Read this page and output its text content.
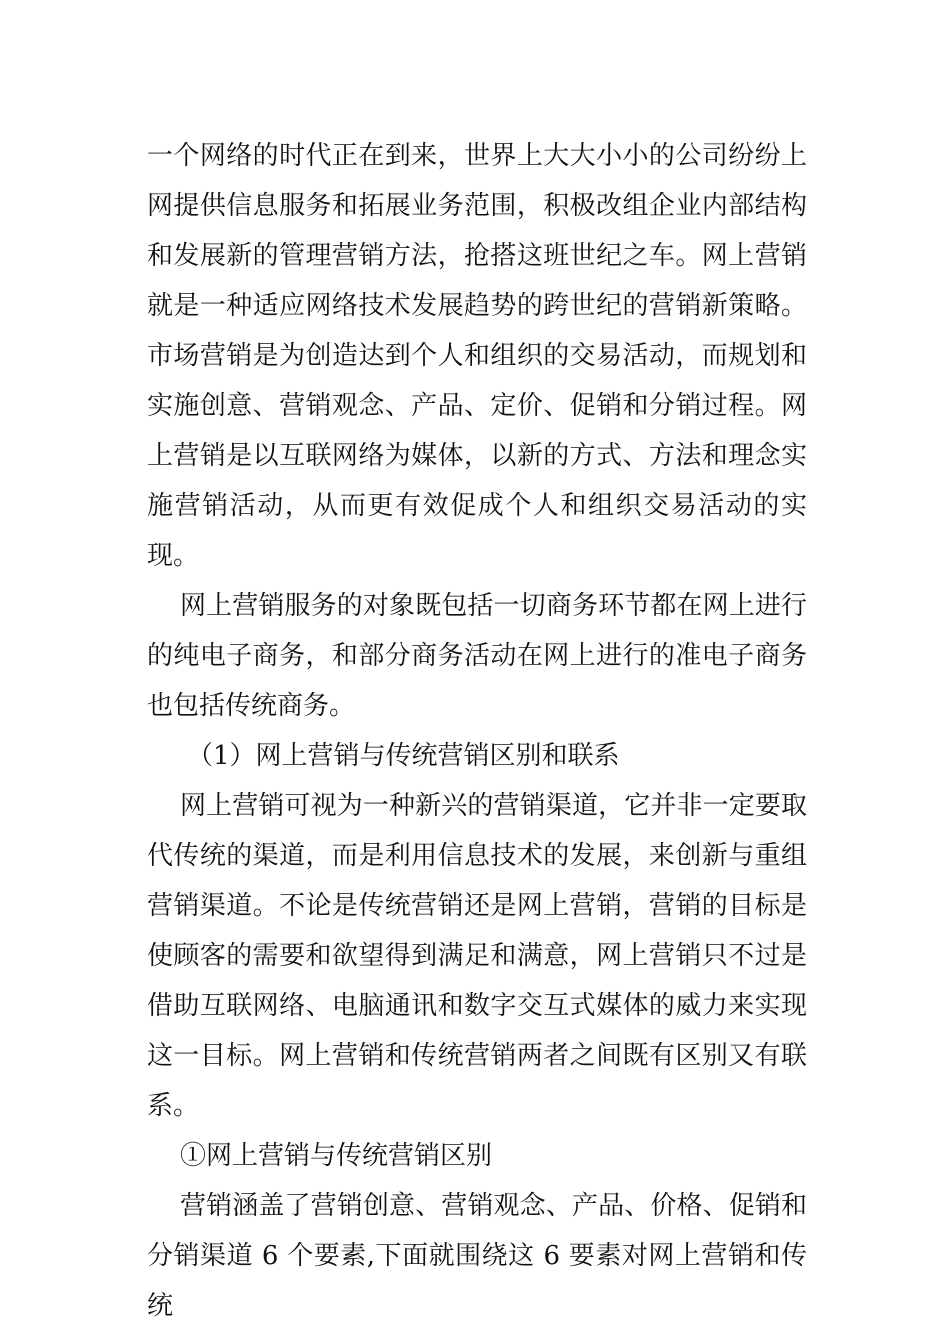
一个网络的时代正在到来，世界上大大小小的公司纷纷上网提供信息服务和拓展业务范围，积极改组企业内部结构和发展新的管理营销方法，抢搭这班世纪之车。网上营销就是一种适应网络技术发展趋势的跨世纪的营销新策略。市场营销是为创造达到个人和组织的交易活动，而规划和实施创意、营销观念、产品、定价、促销和分销过程。网上营销是以互联网络为媒体，以新的方式、方法和理念实施营销活动，从而更有效促成个人和组织交易活动的实现。

网上营销服务的对象既包括一切商务环节都在网上进行的纯电子商务，和部分商务活动在网上进行的准电子商务也包括传统商务。

（1）网上营销与传统营销区别和联系

网上营销可视为一种新兴的营销渠道，它并非一定要取代传统的渠道，而是利用信息技术的发展，来创新与重组营销渠道。不论是传统营销还是网上营销，营销的目标是使顾客的需要和欲望得到满足和满意，网上营销只不过是借助互联网络、电脑通讯和数字交互式媒体的威力来实现这一目标。网上营销和传统营销两者之间既有区别又有联系。

①网上营销与传统营销区别

营销涵盖了营销创意、营销观念、产品、价格、促销和分销渠道 6 个要素,下面就围绕这 6 要素对网上营销和传统
